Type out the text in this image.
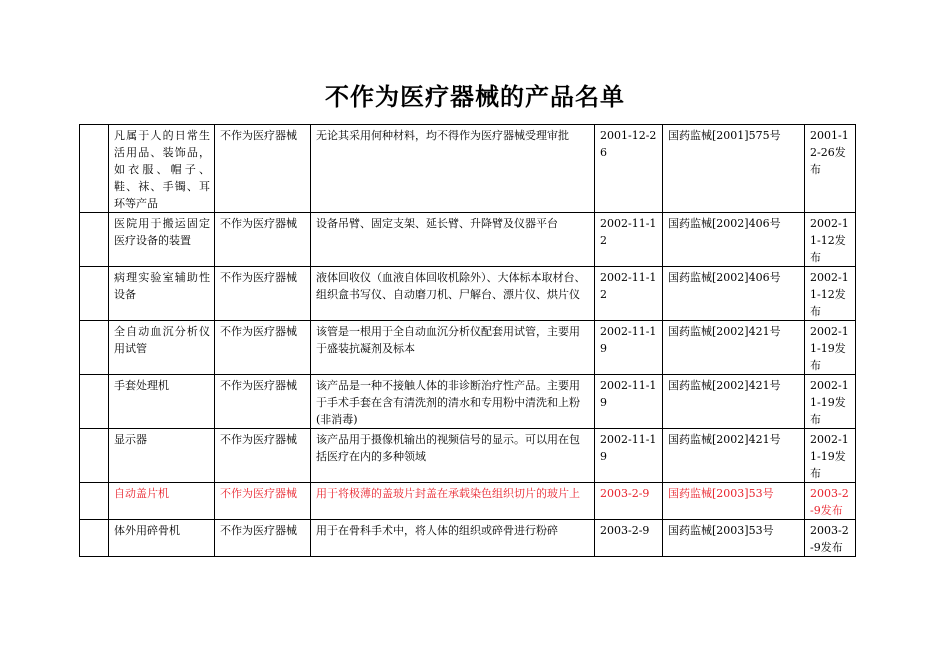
不作为医疗器械的产品名单
	凡属于人的日常生活用品、装饰品，如衣服、帽子、鞋、袜、手镯、耳环等产品	不作为医疗器械	无论其采用何种材料，均不得作为医疗器械受理审批	2001-12-26	国药监械[2001]575号	2001-12-26发布
	医院用于搬运固定医疗设备的装置	不作为医疗器械	设备吊臂、固定支架、延长臂、升降臂及仪器平台	2002-11-12	国药监械[2002]406号	2002-11-12发布
	病理实验室辅助性设备	不作为医疗器械	液体回收仪（血液自体回收机除外）、大体标本取材台、组织盒书写仪、自动磨刀机、尸解台、漂片仪、烘片仪	2002-11-12	国药监械[2002]406号	2002-11-12发布
	全自动血沉分析仪用试管	不作为医疗器械	该管是一根用于全自动血沉分析仪配套用试管，主要用于盛装抗凝剂及标本	2002-11-19	国药监械[2002]421号	2002-11-19发布
	手套处理机	不作为医疗器械	该产品是一种不接触人体的非诊断治疗性产品。主要用于手术手套在含有清洗剂的清水和专用粉中清洗和上粉(非消毒)	2002-11-19	国药监械[2002]421号	2002-11-19发布
	显示器	不作为医疗器械	该产品用于摄像机输出的视频信号的显示。可以用在包括医疗在内的多种领域	2002-11-19	国药监械[2002]421号	2002-11-19发布
	自动盖片机	不作为医疗器械	用于将极薄的盖玻片封盖在承载染色组织切片的玻片上	2003-2-9	国药监械[2003]53号	2003-2-9发布
	体外用碎骨机	不作为医疗器械	用于在骨科手术中，将人体的组织或碎骨进行粉碎	2003-2-9	国药监械[2003]53号	2003-2-9发布
